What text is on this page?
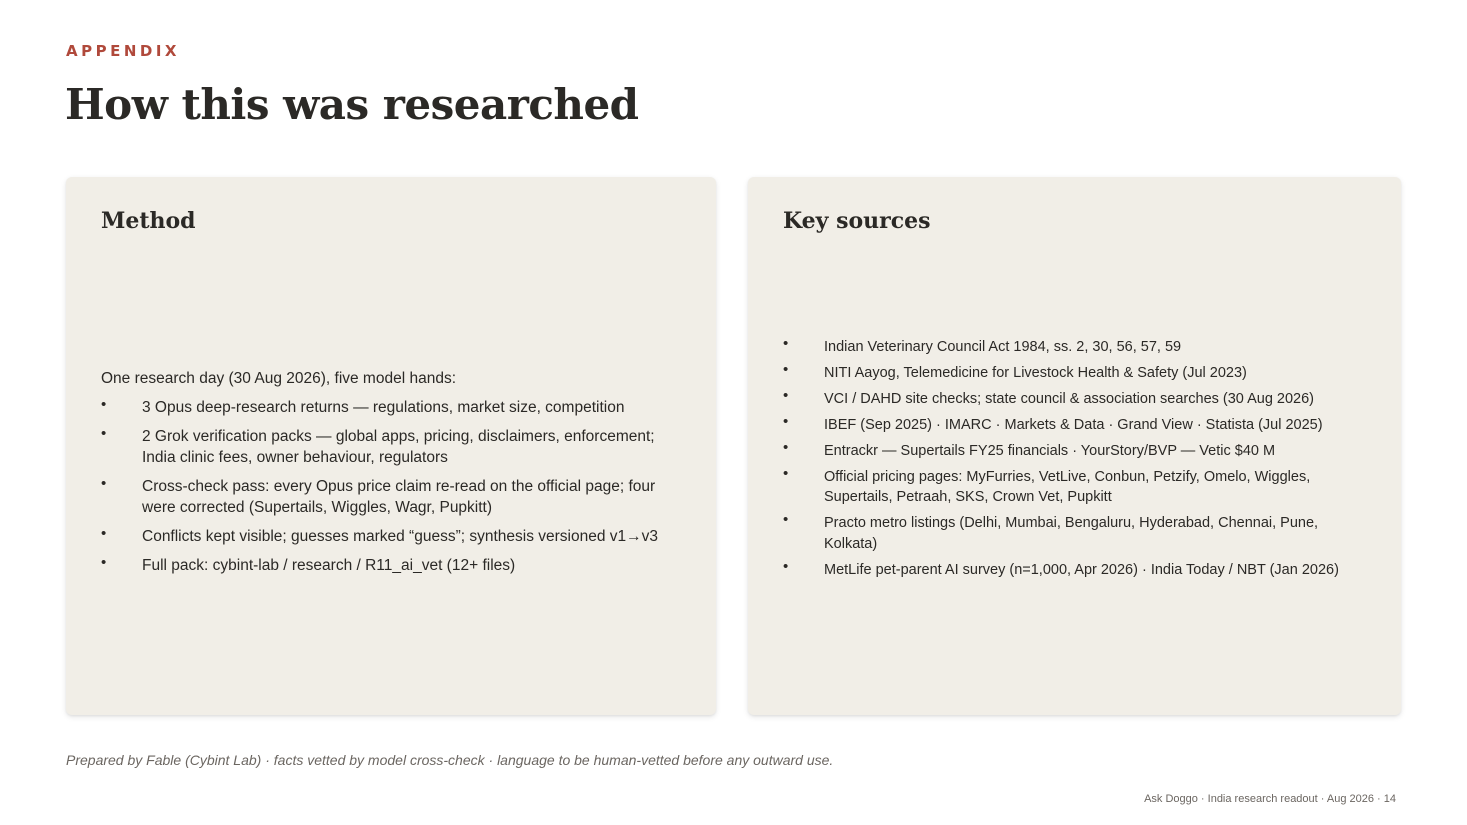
APPENDIX
How this was researched
Method

One research day (30 Aug 2026), five model hands:

• 3 Opus deep-research returns — regulations, market size, competition
• 2 Grok verification packs — global apps, pricing, disclaimers, enforcement; India clinic fees, owner behaviour, regulators
• Cross-check pass: every Opus price claim re-read on the official page; four were corrected (Supertails, Wiggles, Wagr, Pupkitt)
• Conflicts kept visible; guesses marked “guess”; synthesis versioned v1→v3
• Full pack: cybint-lab / research / R11_ai_vet (12+ files)
Key sources
• Indian Veterinary Council Act 1984, ss. 2, 30, 56, 57, 59
• NITI Aayog, Telemedicine for Livestock Health & Safety (Jul 2023)
• VCI / DAHD site checks; state council & association searches (30 Aug 2026)
• IBEF (Sep 2025) · IMARC · Markets & Data · Grand View · Statista (Jul 2025)
• Entrackr — Supertails FY25 financials · YourStory/BVP — Vetic $40 M
• Official pricing pages: MyFurries, VetLive, Conbun, Petzify, Omelo, Wiggles, Supertails, Petraah, SKS, Crown Vet, Pupkitt
• Practo metro listings (Delhi, Mumbai, Bengaluru, Hyderabad, Chennai, Pune, Kolkata)
• MetLife pet-parent AI survey (n=1,000, Apr 2026) · India Today / NBT (Jan 2026)
Prepared by Fable (Cybint Lab) · facts vetted by model cross-check · language to be human-vetted before any outward use.
Ask Doggo · India research readout · Aug 2026 · 14
